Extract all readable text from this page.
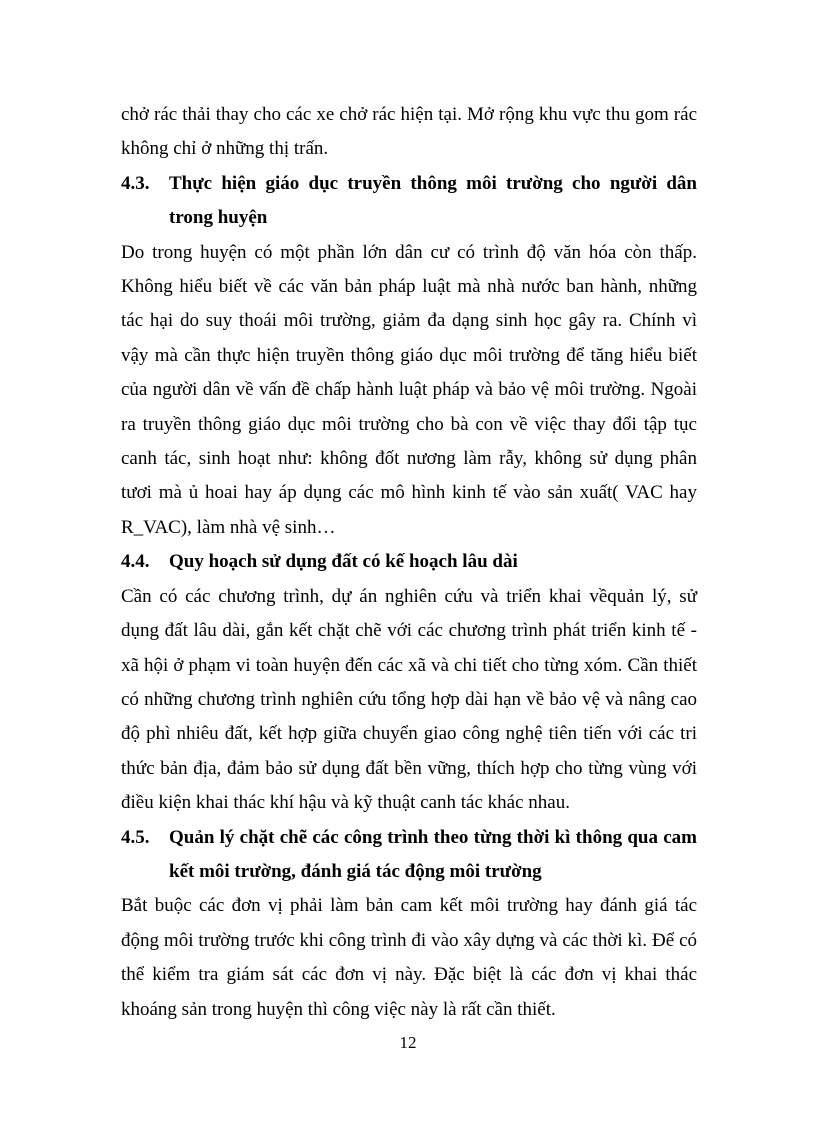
chở rác thải thay cho các xe chở rác hiện tại. Mở rộng khu vực thu gom rác không chỉ ở những thị trấn.

4.3.	Thực hiện giáo dục truyền thông môi trường cho người dân trong huyện

Do trong huyện có một phần lớn dân cư có trình độ văn hóa còn thấp. Không hiểu biết về các văn bản pháp luật mà nhà nước ban hành, những tác hại do suy thoái môi trường, giảm đa dạng sinh học gây ra. Chính vì vậy mà cần thực hiện truyền thông giáo dục môi trường để tăng hiểu biết của người dân về vấn đề chấp hành luật pháp và bảo vệ môi trường. Ngoài ra truyền thông giáo dục môi trường cho bà con về việc thay đổi tập tục canh tác, sinh hoạt như: không đốt nương làm rẫy, không sử dụng phân tươi mà ủ hoai hay áp dụng các mô hình kinh tế vào sản xuất( VAC hay R_VAC), làm nhà vệ sinh…

4.4.	Quy hoạch sử dụng đất có kế hoạch lâu dài

Cần có các chương trình, dự án nghiên cứu và triển khai vềquản lý, sử dụng đất lâu dài, gắn kết chặt chẽ với các chương trình phát triển kinh tế - xã hội ở phạm vi toàn huyện đến các xã và chi tiết cho từng xóm. Cần thiết có những chương trình nghiên cứu tổng hợp dài hạn về bảo vệ và nâng cao độ phì nhiêu đất, kết hợp giữa chuyển giao công nghệ tiên tiến với các tri thức bản địa, đảm bảo sử dụng đất bền vững, thích hợp cho từng vùng với điều kiện khai thác khí hậu và kỹ thuật canh tác khác nhau.

4.5.	Quản lý chặt chẽ các công trình theo từng thời kì thông qua cam kết môi trường, đánh giá tác động môi trường

Bắt buộc các đơn vị phải làm bản cam kết môi trường hay đánh giá tác động môi trường trước khi công trình đi vào xây dựng và các thời kì. Để có thể kiểm tra giám sát các đơn vị này. Đặc biệt là các đơn vị khai thác khoáng sản trong huyện thì công việc này là rất cần thiết.

12
